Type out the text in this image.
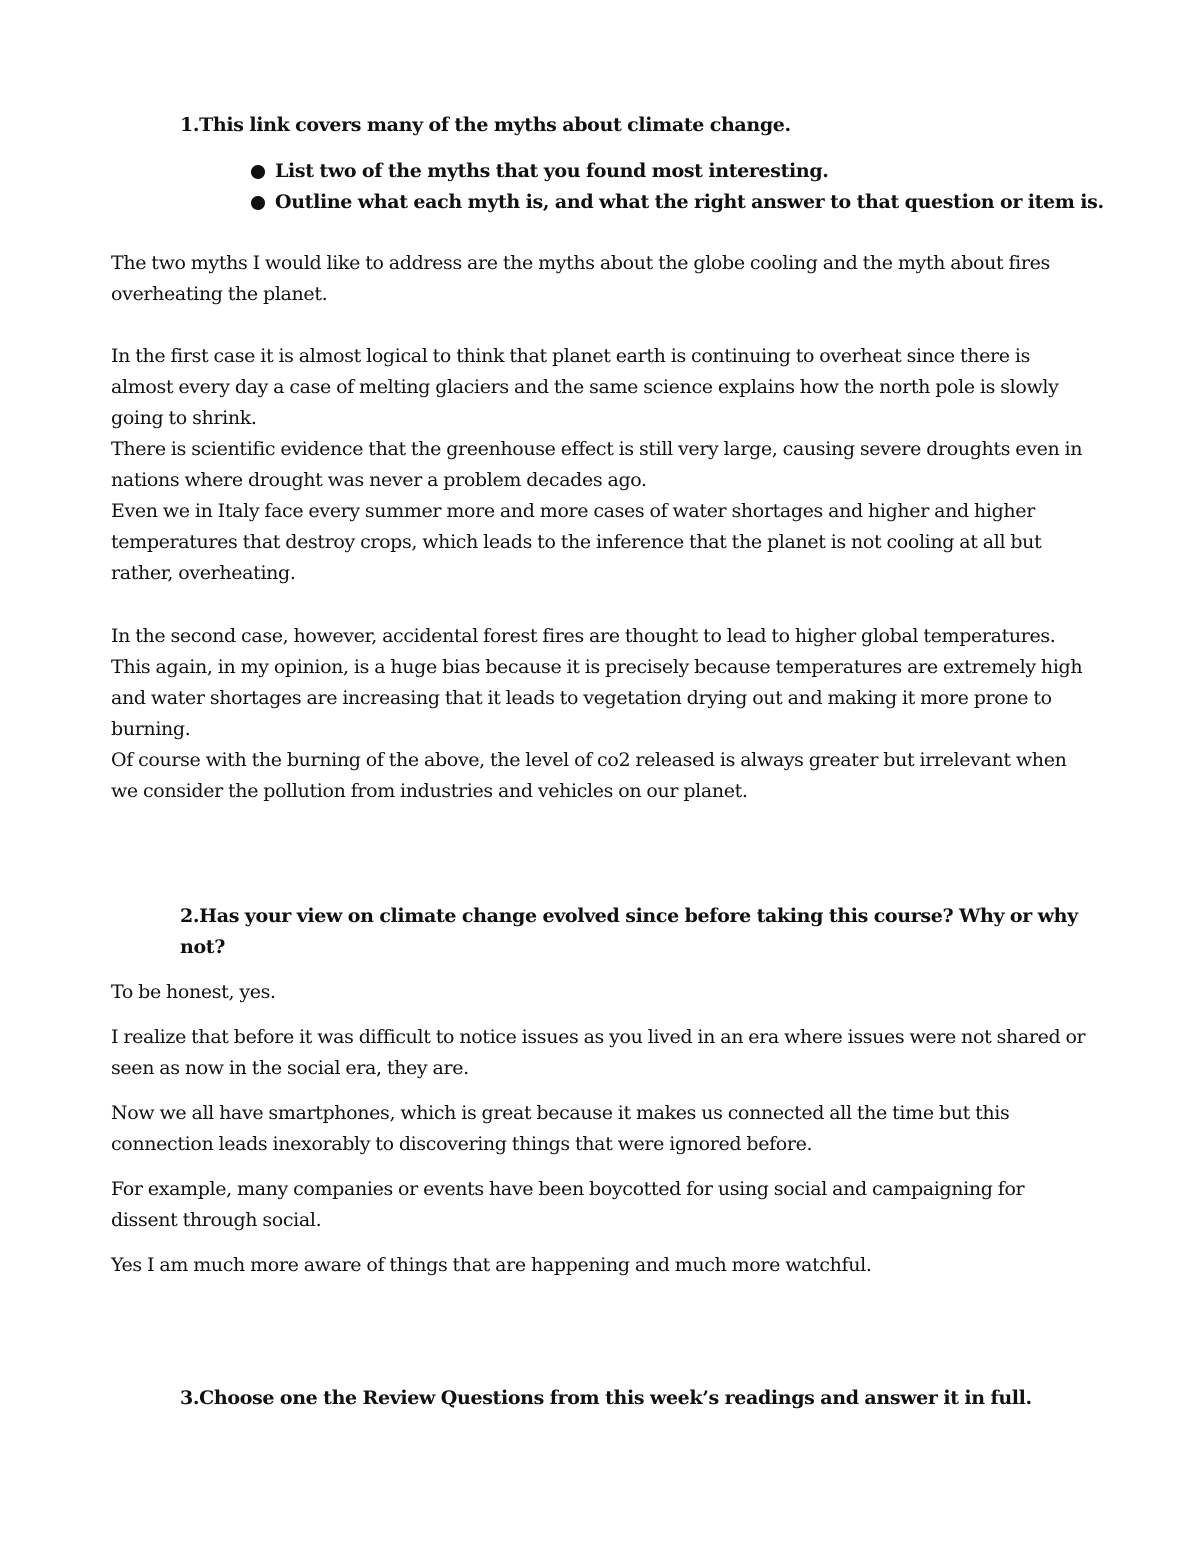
1.This link covers many of the myths about climate change.

List two of the myths that you found most interesting.
Outline what each myth is, and what the right answer to that question or item is.

The two myths I would like to address are the myths about the globe cooling and the myth about fires overheating the planet.

In the first case it is almost logical to think that planet earth is continuing to overheat since there is almost every day a case of melting glaciers and the same science explains how the north pole is slowly going to shrink.

There is scientific evidence that the greenhouse effect is still very large, causing severe droughts even in nations where drought was never a problem decades ago.

Even we in Italy face every summer more and more cases of water shortages and higher and higher temperatures that destroy crops, which leads to the inference that the planet is not cooling at all but rather, overheating.

In the second case, however, accidental forest fires are thought to lead to higher global temperatures. This again, in my opinion, is a huge bias because it is precisely because temperatures are extremely high and water shortages are increasing that it leads to vegetation drying out and making it more prone to burning.

Of course with the burning of the above, the level of co2 released is always greater but irrelevant when we consider the pollution from industries and vehicles on our planet.

2.Has your view on climate change evolved since before taking this course? Why or why not?

To be honest, yes.

I realize that before it was difficult to notice issues as you lived in an era where issues were not shared or seen as now in the social era, they are.

Now we all have smartphones, which is great because it makes us connected all the time but this connection leads inexorably to discovering things that were ignored before.

For example, many companies or events have been boycotted for using social and campaigning for dissent through social.

Yes I am much more aware of things that are happening and much more watchful.

3.Choose one the Review Questions from this week’s readings and answer it in full.
